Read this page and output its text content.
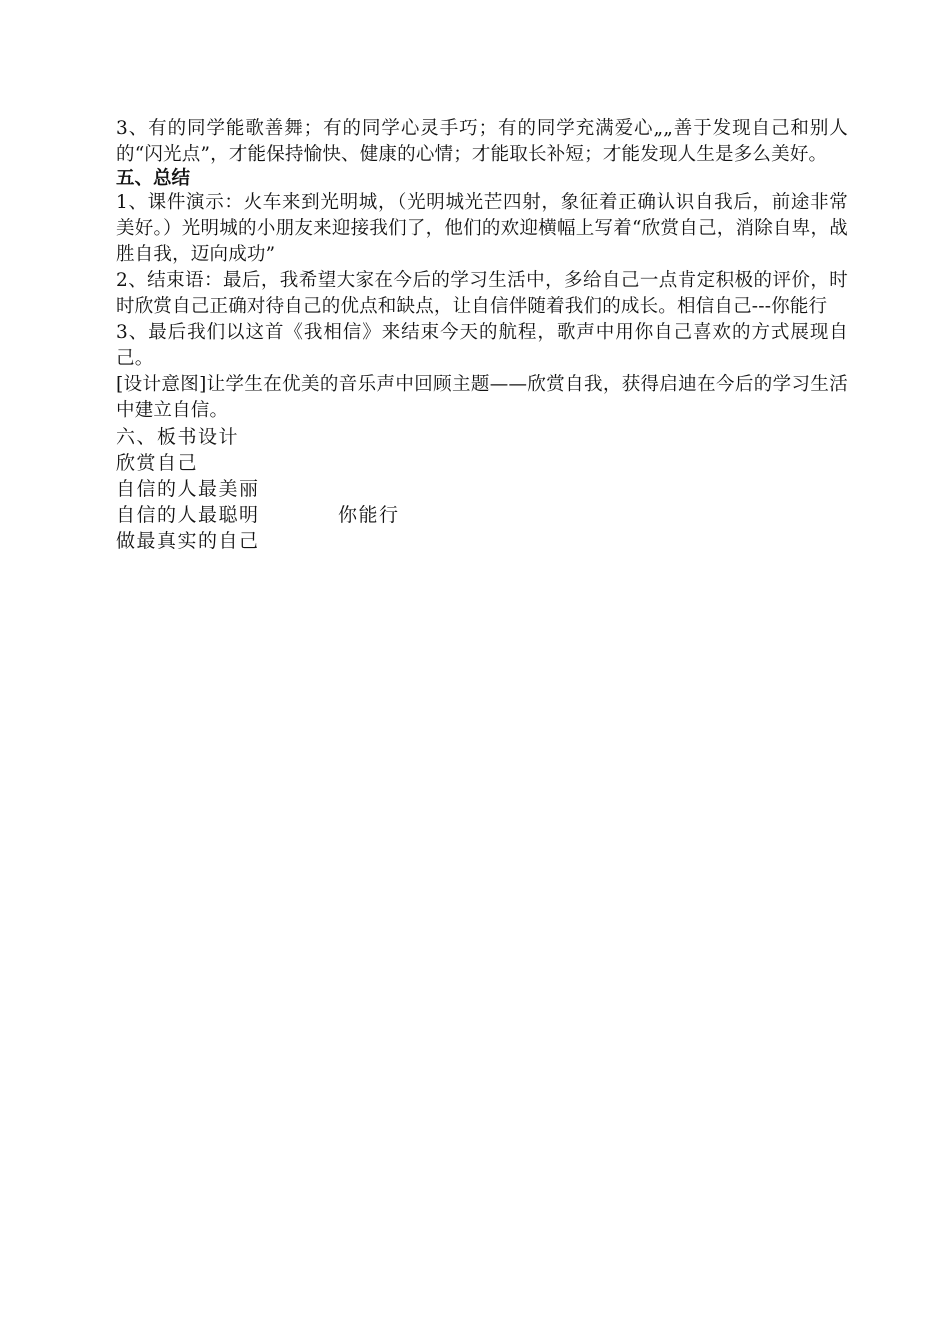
3、有的同学能歌善舞；有的同学心灵手巧；有的同学充满爱心„„善于发现自己和别人的“闪光点”，才能保持愉快、健康的心情；才能取长补短；才能发现人生是多么美好。

五、总结

1、课件演示：火车来到光明城，（光明城光芒四射，象征着正确认识自我后，前途非常美好。）光明城的小朋友来迎接我们了，他们的欢迎横幅上写着“欣赏自己，消除自卑，战胜自我，迈向成功”

2、结束语：最后，我希望大家在今后的学习生活中，多给自己一点肯定积极的评价，时时欣赏自己正确对待自己的优点和缺点，让自信伴随着我们的成长。相信自己---你能行

3、最后我们以这首《我相信》来结束今天的航程，歌声中用你自己喜欢的方式展现自己。

[设计意图]让学生在优美的音乐声中回顾主题——欣赏自我，获得启迪在今后的学习生活中建立自信。

六、板书设计

欣赏自己

自信的人最美丽

自信的人最聪明	你能行

做最真实的自己
